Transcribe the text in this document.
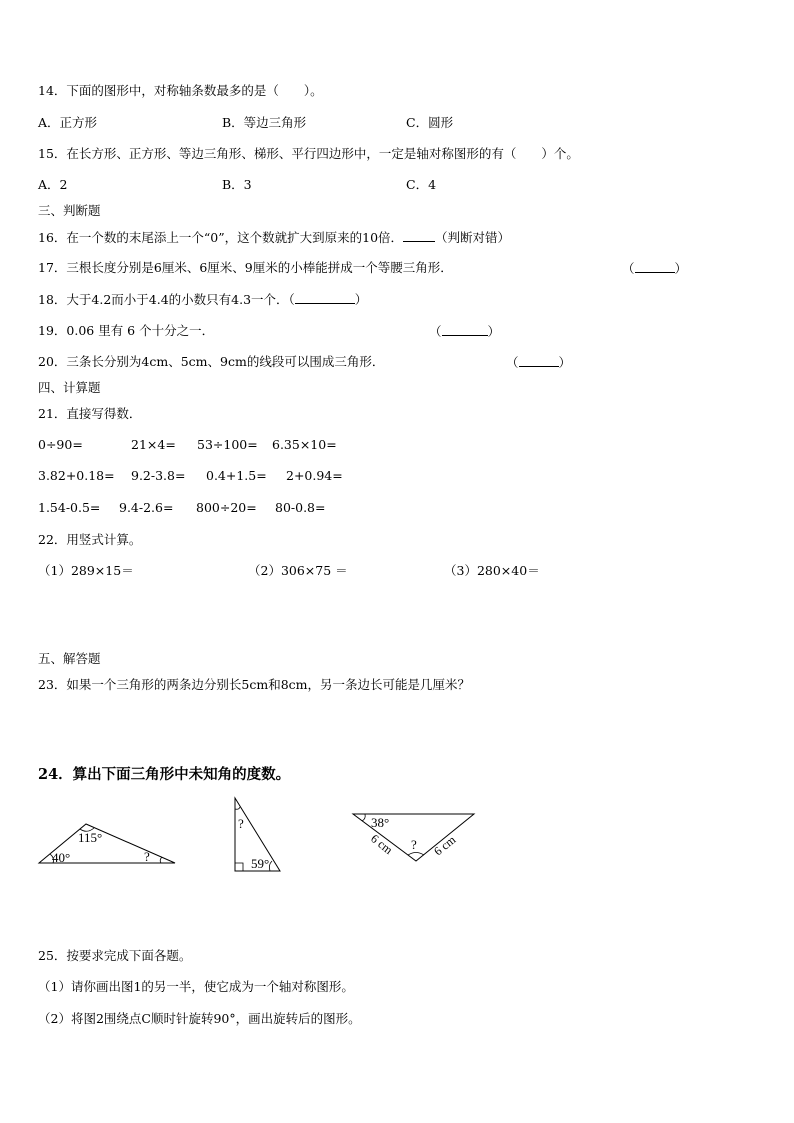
14．下面的图形中，对称轴条数最多的是（　　）。
A．正方形	B．等边三角形	C．圆形
15．在长方形、正方形、等边三角形、梯形、平行四边形中，一定是轴对称图形的有（　　）个。
A．2	B．3	C．4
三、判断题
16．在一个数的末尾添上一个“0”，这个数就扩大到原来的10倍．	（判断对错）
17．三根长度分别是6厘米、6厘米、9厘米的小棒能拼成一个等腰三角形．	（	）
18．大于4.2而小于4.4的小数只有4.3一个．（	）
19．0.06 里有 6 个十分之一．	（	）
20．三条长分别为4cm、5cm、9cm的线段可以围成三角形．	（	）
四、计算题
21．直接写得数．
0÷90=	21×4= 53÷100= 6.35×10=
3.82+0.18= 9.2-3.8= 0.4+1.5= 2+0.94=
1.54-0.5= 9.4-2.6= 800÷20= 80-0.8=
22．用竖式计算。
（1）289×15＝	（2）306×75 ＝	（3）280×40＝
五、解答题
23．如果一个三角形的两条边分别长5cm和8cm，另一条边长可能是几厘米？
24．算出下面三角形中未知角的度数。
115°
40°	?
?
59°
38°
?
6 cm	6 cm
25．按要求完成下面各题。
（1）请你画出图1的另一半，使它成为一个轴对称图形。
（2）将图2围绕点C顺时针旋转90°，画出旋转后的图形。
